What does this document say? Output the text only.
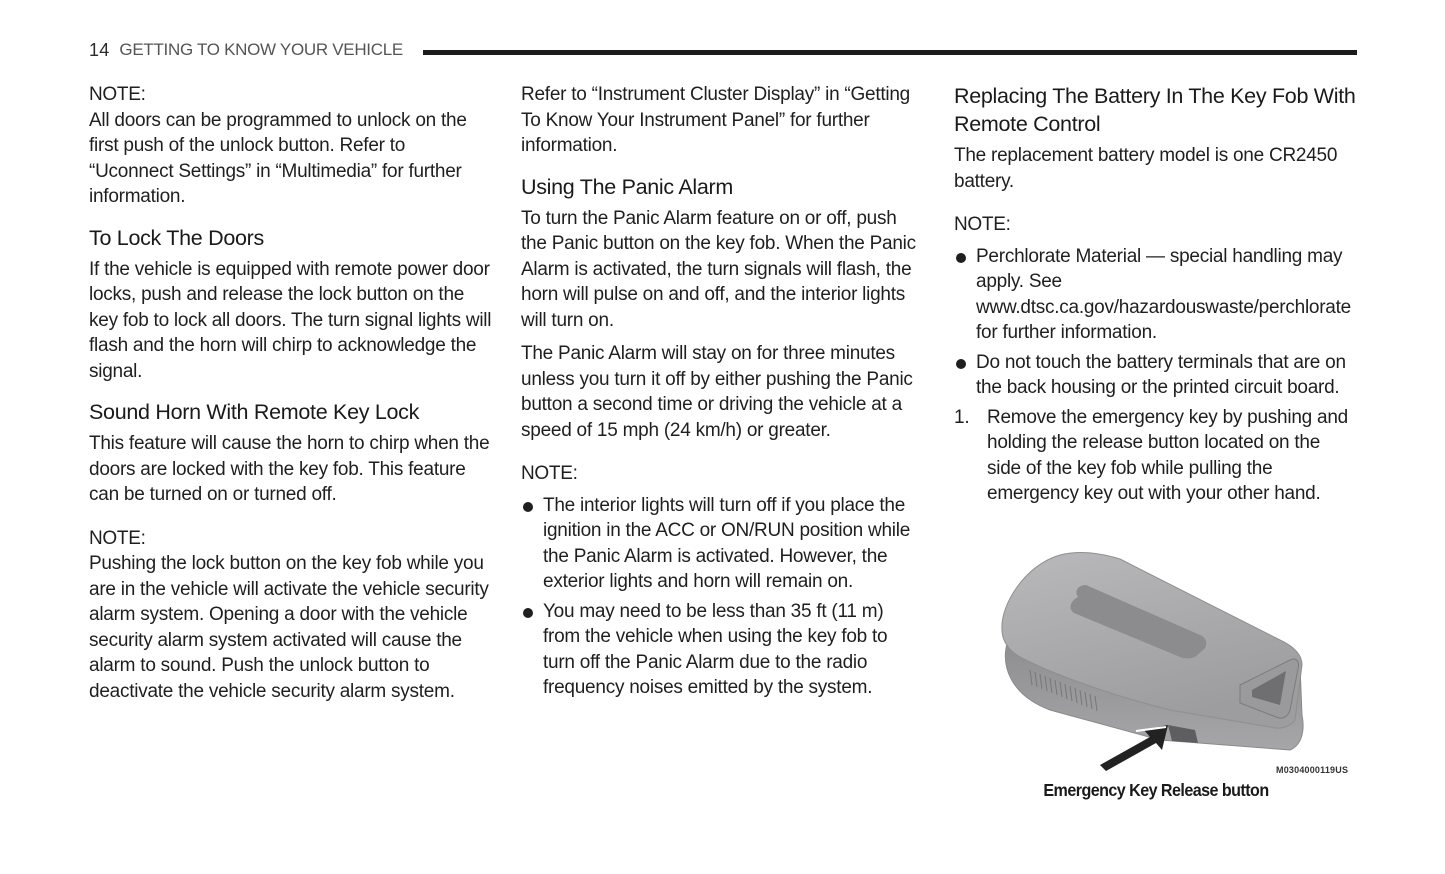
14 GETTING TO KNOW YOUR VEHICLE
NOTE:

All doors can be programmed to unlock on the first push of the unlock button. Refer to “Uconnect Settings” in “Multimedia” for further information.

To Lock The Doors

If the vehicle is equipped with remote power door locks, push and release the lock button on the key fob to lock all doors. The turn signal lights will flash and the horn will chirp to acknowledge the signal.

Sound Horn With Remote Key Lock

This feature will cause the horn to chirp when the doors are locked with the key fob. This feature can be turned on or turned off.

NOTE:

Pushing the lock button on the key fob while you are in the vehicle will activate the vehicle security alarm system. Opening a door with the vehicle security alarm system activated will cause the alarm to sound. Push the unlock button to deactivate the vehicle security alarm system.

Refer to “Instrument Cluster Display” in “Getting To Know Your Instrument Panel” for further information.

Using The Panic Alarm

To turn the Panic Alarm feature on or off, push the Panic button on the key fob. When the Panic Alarm is activated, the turn signals will flash, the horn will pulse on and off, and the interior lights will turn on.

The Panic Alarm will stay on for three minutes unless you turn it off by either pushing the Panic button a second time or driving the vehicle at a speed of 15 mph (24 km/h) or greater.

NOTE:
The interior lights will turn off if you place the ignition in the ACC or ON/RUN position while the Panic Alarm is activated. However, the exterior lights and horn will remain on.
You may need to be less than 35 ft (11 m) from the vehicle when using the key fob to turn off the Panic Alarm due to the radio frequency noises emitted by the system.
Replacing The Battery In The Key Fob With Remote Control

The replacement battery model is one CR2450 battery.

NOTE:
Perchlorate Material — special handling may apply. See www.dtsc.ca.gov/hazardouswaste/perchlorate for further information.
Do not touch the battery terminals that are on the back housing or the printed circuit board.
1. Remove the emergency key by pushing and holding the release button located on the side of the key fob while pulling the emergency key out with your other hand.
M0304000119US
Emergency Key Release button
